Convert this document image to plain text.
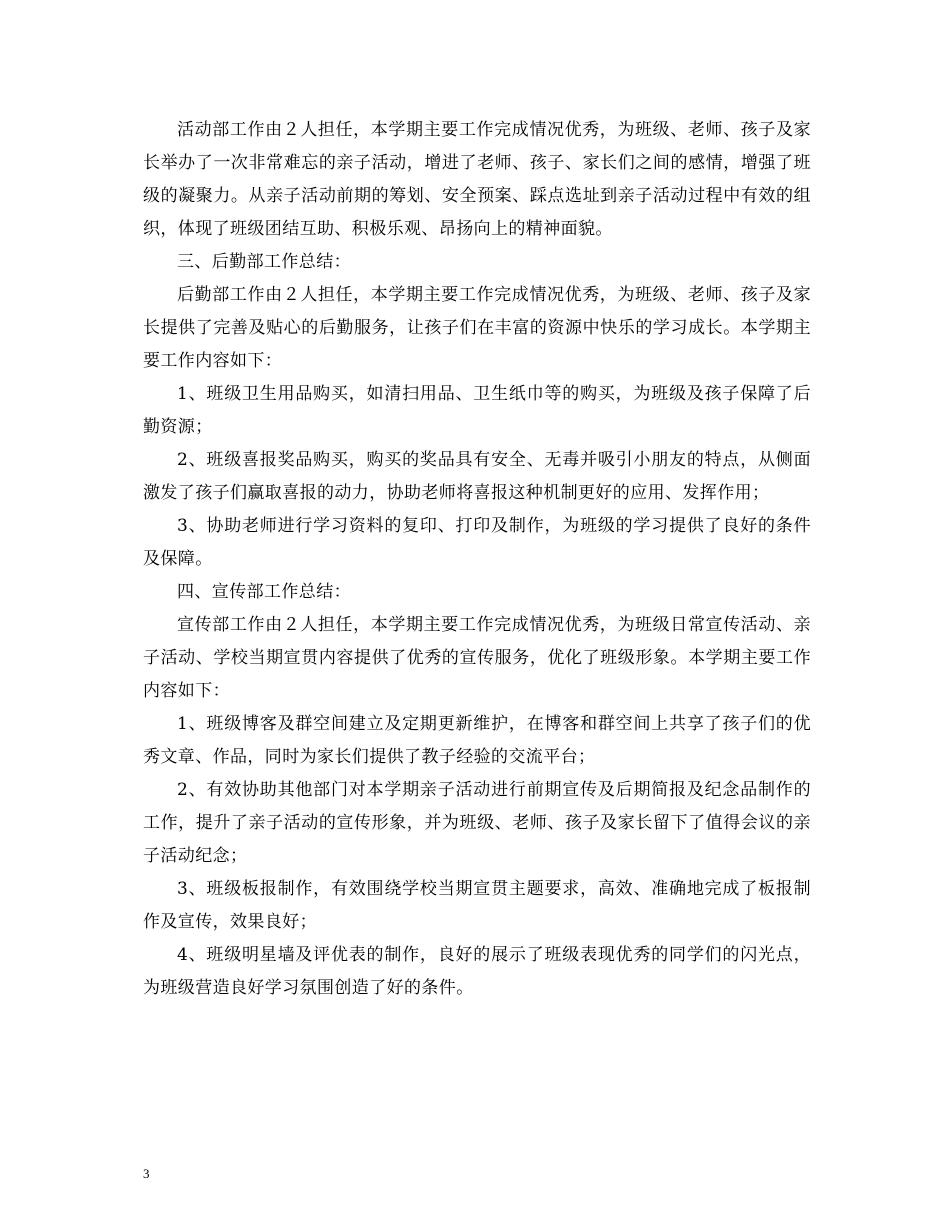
活动部工作由２人担任，本学期主要工作完成情况优秀，为班级、老师、孩子及家长举办了一次非常难忘的亲子活动，增进了老师、孩子、家长们之间的感情，增强了班级的凝聚力。从亲子活动前期的筹划、安全预案、踩点选址到亲子活动过程中有效的组织，体现了班级团结互助、积极乐观、昂扬向上的精神面貌。

三、后勤部工作总结：

后勤部工作由２人担任，本学期主要工作完成情况优秀，为班级、老师、孩子及家长提供了完善及贴心的后勤服务，让孩子们在丰富的资源中快乐的学习成长。本学期主要工作内容如下：

1、班级卫生用品购买，如清扫用品、卫生纸巾等的购买，为班级及孩子保障了后勤资源；

2、班级喜报奖品购买，购买的奖品具有安全、无毒并吸引小朋友的特点，从侧面激发了孩子们赢取喜报的动力，协助老师将喜报这种机制更好的应用、发挥作用；

3、协助老师进行学习资料的复印、打印及制作，为班级的学习提供了良好的条件及保障。

四、宣传部工作总结：

宣传部工作由２人担任，本学期主要工作完成情况优秀，为班级日常宣传活动、亲子活动、学校当期宣贯内容提供了优秀的宣传服务，优化了班级形象。本学期主要工作内容如下：

1、班级博客及群空间建立及定期更新维护，在博客和群空间上共享了孩子们的优秀文章、作品，同时为家长们提供了教子经验的交流平台；

2、有效协助其他部门对本学期亲子活动进行前期宣传及后期简报及纪念品制作的工作，提升了亲子活动的宣传形象，并为班级、老师、孩子及家长留下了值得会议的亲子活动纪念；

3、班级板报制作，有效围绕学校当期宣贯主题要求，高效、准确地完成了板报制作及宣传，效果良好；

4、班级明星墙及评优表的制作，良好的展示了班级表现优秀的同学们的闪光点，为班级营造良好学习氛围创造了好的条件。

3
